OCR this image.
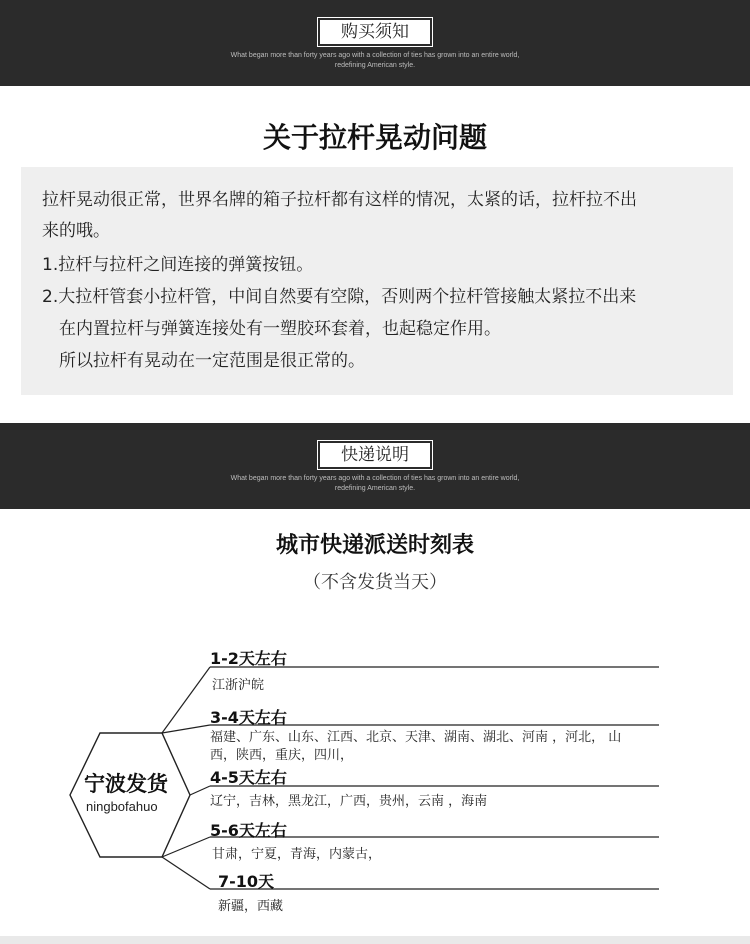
购买须知
What began more than forty years ago with a collection of ties has grown into an entire world,
redefining American style.
关于拉杆晃动问题
拉杆晃动很正常，世界名牌的箱子拉杆都有这样的情况，太紧的话，拉杆拉不出
来的哦。
1.拉杆与拉杆之间连接的弹簧按钮。
2.大拉杆管套小拉杆管，中间自然要有空隙，否则两个拉杆管接触太紧拉不出来
在内置拉杆与弹簧连接处有一塑胶环套着，也起稳定作用。
所以拉杆有晃动在一定范围是很正常的。
快递说明
What began more than forty years ago with a collection of ties has grown into an entire world,
redefining American style.
城市快递派送时刻表
（不含发货当天）
宁波发货
ningbofahuo
1-2天左右
江浙沪皖
3-4天左右
福建、广东、山东、江西、北京、天津、湖南、湖北、河南 ，河北， 山
西，陕西，重庆，四川，
4-5天左右
辽宁，吉林，黑龙江，广西，贵州，云南 ，海南
5-6天左右
甘肃，宁夏，青海，内蒙古，
7-10天
新疆，西藏
